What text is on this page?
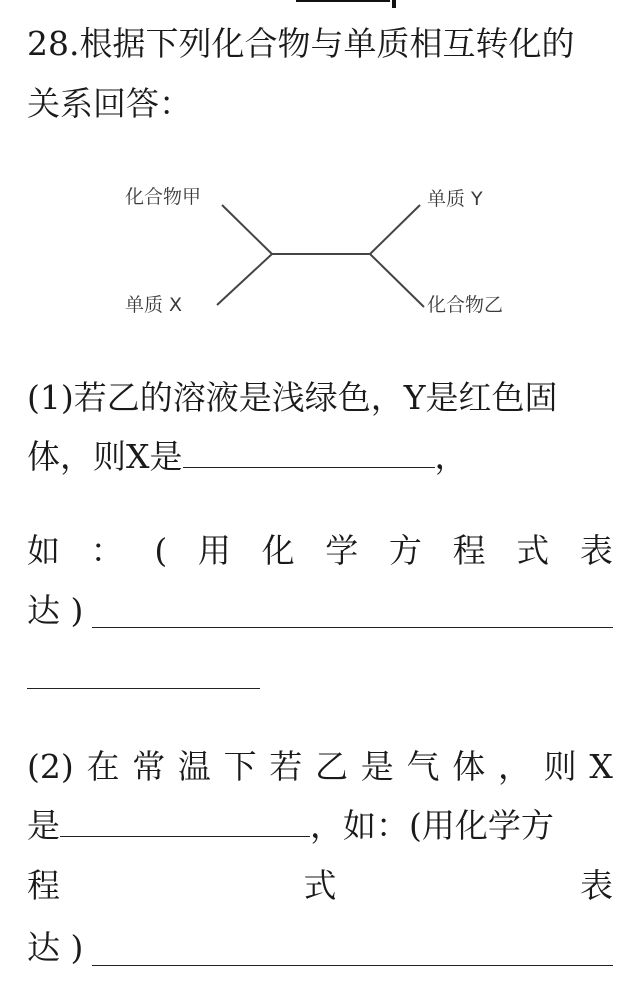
28.根据下列化合物与单质相互转化的
关系回答：
化合物甲	单质 Y
单质 X	化合物乙
(1)若乙的溶液是浅绿色，Y是红色固
体，则X是	，
如 ： ( 用 化 学 方 程 式 表
达 )
(2) 在 常 温 下 若 乙 是 气 体 ， 则 X
是	，如：(用化学方
程	式	表
达 )
